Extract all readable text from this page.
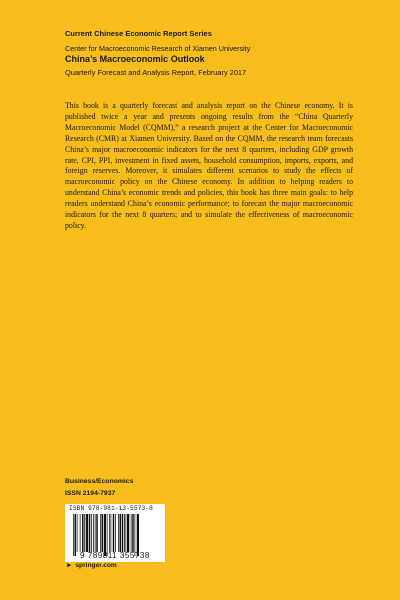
Current Chinese Economic Report Series
Center for Macroeconomic Research of Xiamen University
China’s Macroeconomic Outlook
Quarterly Forecast and Analysis Report, February 2017

This book is a quarterly forecast and analysis report on the Chinese economy. It is published twice a year and presents ongoing results from the “China Quarterly Macroeconomic Model (CQMM),” a research project at the Center for Macroeconomic Research (CMR) at Xiamen University. Based on the CQMM, the research team forecasts China’s major macroeconomic indicators for the next 8 quarters, including GDP growth rate, CPI, PPI, investment in fixed assets, household consumption, imports, exports, and foreign reserves. Moreover, it simulates different scenarios to study the effects of macroeconomic policy on the Chinese economy. In addition to helping readers to understand China’s economic trends and policies, this book has three main goals: to help readers understand China’s economic performance; to forecast the major macroeconomic indicators for the next 8 quarters; and to simulate the effectiveness of macroeconomic policy.

Business/Economics
ISSN 2194-7937
ISBN 978-981-13-5573-8
9 789811 355738
► springer.com
